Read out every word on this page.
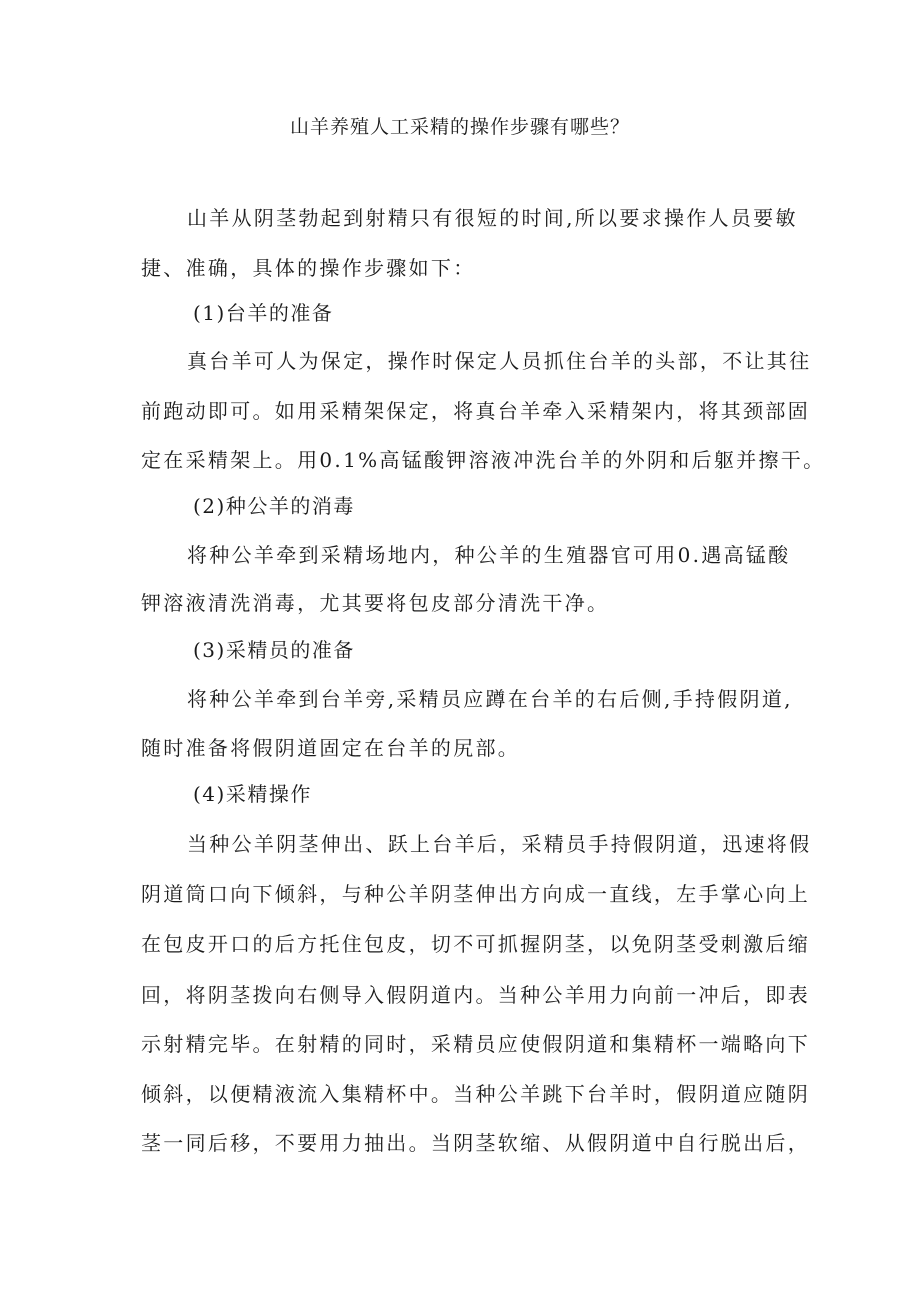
山羊养殖人工采精的操作步骤有哪些？

山羊从阴茎勃起到射精只有很短的时间,所以要求操作人员要敏

捷、准确，具体的操作步骤如下：

(1)台羊的准备

真台羊可人为保定，操作时保定人员抓住台羊的头部，不让其往

前跑动即可。如用采精架保定，将真台羊牵入采精架内，将其颈部固

定在采精架上。用0.1%高锰酸钾溶液冲洗台羊的外阴和后躯并擦干。

(2)种公羊的消毒

将种公羊牵到采精场地内，种公羊的生殖器官可用0.遇高锰酸

钾溶液清洗消毒，尤其要将包皮部分清洗干净。

(3)采精员的准备

将种公羊牵到台羊旁,采精员应蹲在台羊的右后侧,手持假阴道,

随时准备将假阴道固定在台羊的尻部。

(4)采精操作

当种公羊阴茎伸出、跃上台羊后，采精员手持假阴道，迅速将假

阴道筒口向下倾斜，与种公羊阴茎伸出方向成一直线，左手掌心向上

在包皮开口的后方托住包皮，切不可抓握阴茎，以免阴茎受刺激后缩

回，将阴茎拨向右侧导入假阴道内。当种公羊用力向前一冲后，即表

示射精完毕。在射精的同时，采精员应使假阴道和集精杯一端略向下

倾斜，以便精液流入集精杯中。当种公羊跳下台羊时，假阴道应随阴

茎一同后移，不要用力抽出。当阴茎软缩、从假阴道中自行脱出后，
